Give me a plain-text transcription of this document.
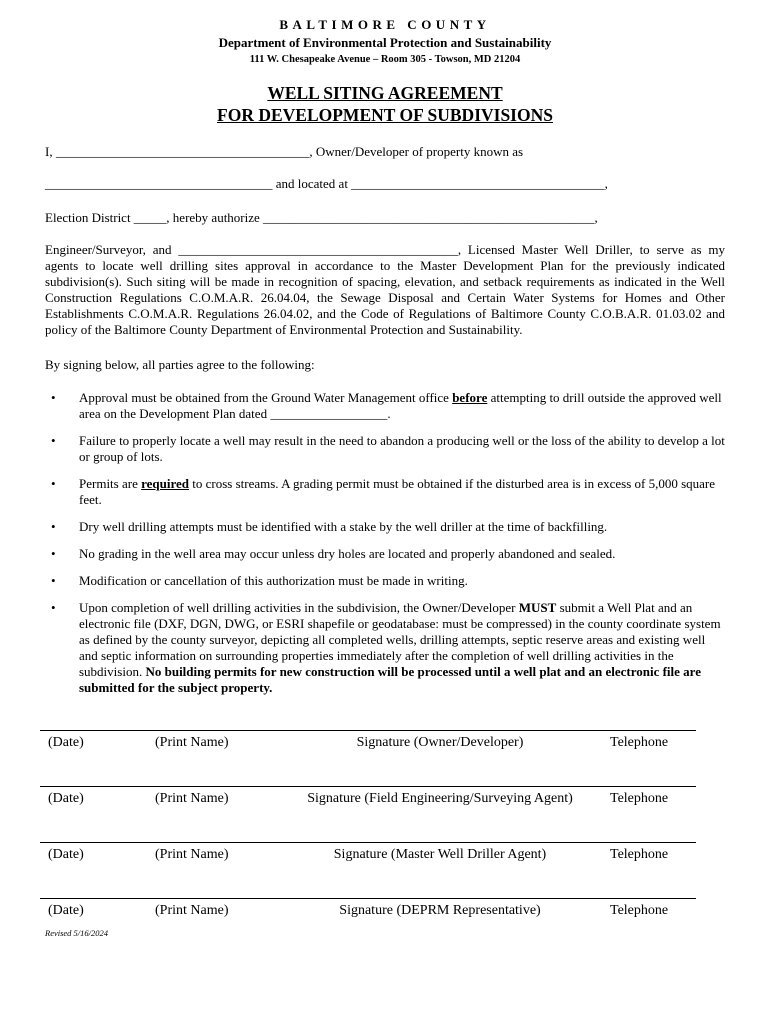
BALTIMORE COUNTY
Department of Environmental Protection and Sustainability
111 W. Chesapeake Avenue – Room 305 - Towson, MD 21204
WELL SITING AGREEMENT
FOR DEVELOPMENT OF SUBDIVISIONS
I, _______________________________________, Owner/Developer of property known as
___________________________________ and located at _______________________________________,
Election District _____, hereby authorize ___________________________________________________,
Engineer/Surveyor, and ___________________________________________, Licensed Master Well Driller, to serve as my agents to locate well drilling sites approval in accordance to the Master Development Plan for the previously indicated subdivision(s). Such siting will be made in recognition of spacing, elevation, and setback requirements as indicated in the Well Construction Regulations C.O.M.A.R. 26.04.04, the Sewage Disposal and Certain Water Systems for Homes and Other Establishments C.O.M.A.R. Regulations 26.04.02, and the Code of Regulations of Baltimore County C.O.B.A.R. 01.03.02 and policy of the Baltimore County Department of Environmental Protection and Sustainability.
By signing below, all parties agree to the following:
• Approval must be obtained from the Ground Water Management office before attempting to drill outside the approved well area on the Development Plan dated __________________.
• Failure to properly locate a well may result in the need to abandon a producing well or the loss of the ability to develop a lot or group of lots.
• Permits are required to cross streams. A grading permit must be obtained if the disturbed area is in excess of 5,000 square feet.
• Dry well drilling attempts must be identified with a stake by the well driller at the time of backfilling.
• No grading in the well area may occur unless dry holes are located and properly abandoned and sealed.
• Modification or cancellation of this authorization must be made in writing.
• Upon completion of well drilling activities in the subdivision, the Owner/Developer MUST submit a Well Plat and an electronic file (DXF, DGN, DWG, or ESRI shapefile or geodatabase: must be compressed) in the county coordinate system as defined by the county surveyor, depicting all completed wells, drilling attempts, septic reserve areas and existing well and septic information on surrounding properties immediately after the completion of well drilling activities in the subdivision. No building permits for new construction will be processed until a well plat and an electronic file are submitted for the subject property.
(Date)	(Print Name)	Signature (Owner/Developer)	Telephone
(Date)	(Print Name)	Signature (Field Engineering/Surveying Agent)	Telephone
(Date)	(Print Name)	Signature (Master Well Driller Agent)	Telephone
(Date)	(Print Name)	Signature (DEPRM Representative)	Telephone
Revised 5/16/2024
